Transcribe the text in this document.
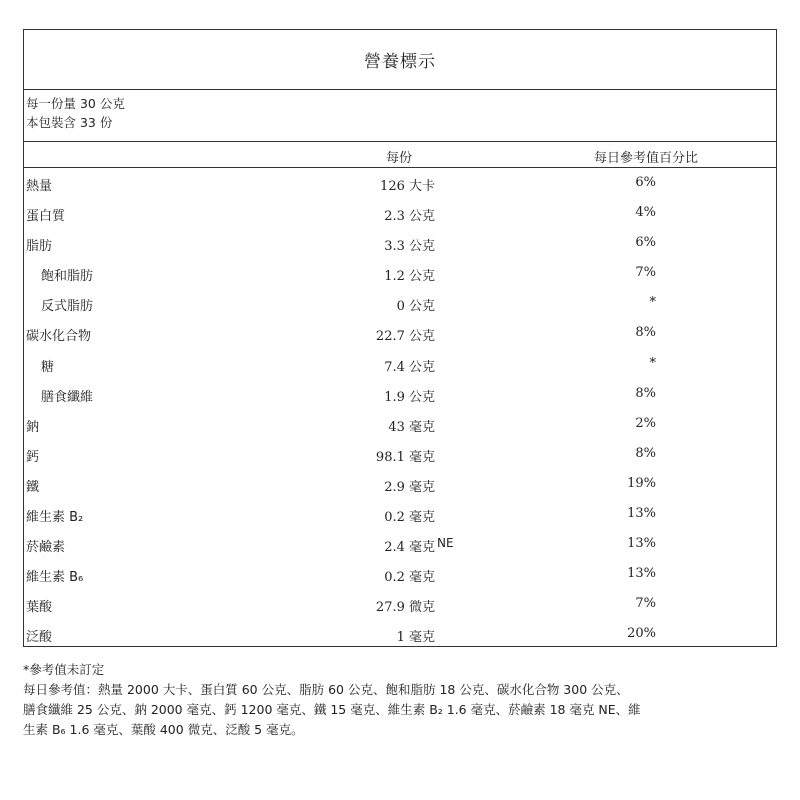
營養標示
每一份量 30 公克
本包裝含 33 份
每份	每日參考值百分比
熱量	126 大卡	6%
蛋白質	2.3 公克	4%
脂肪	3.3 公克	6%
飽和脂肪	1.2 公克	7%
反式脂肪	0 公克	*
碳水化合物	22.7 公克	8%
糖	7.4 公克	*
膳食纖維	1.9 公克	8%
鈉	43 毫克	2%
鈣	98.1 毫克	8%
鐵	2.9 毫克	19%
維生素 B₂	0.2 毫克	13%
菸鹼素	2.4 毫克 NE	13%
維生素 B₆	0.2 毫克	13%
葉酸	27.9 微克	7%
泛酸	1 毫克	20%
*參考值未訂定
每日參考值：熱量 2000 大卡、蛋白質 60 公克、脂肪 60 公克、飽和脂肪 18 公克、碳水化合物 300 公克、
膳食纖維 25 公克、鈉 2000 毫克、鈣 1200 毫克、鐵 15 毫克、維生素 B₂ 1.6 毫克、菸鹼素 18 毫克 NE、維
生素 B₆ 1.6 毫克、葉酸 400 微克、泛酸 5 毫克。
